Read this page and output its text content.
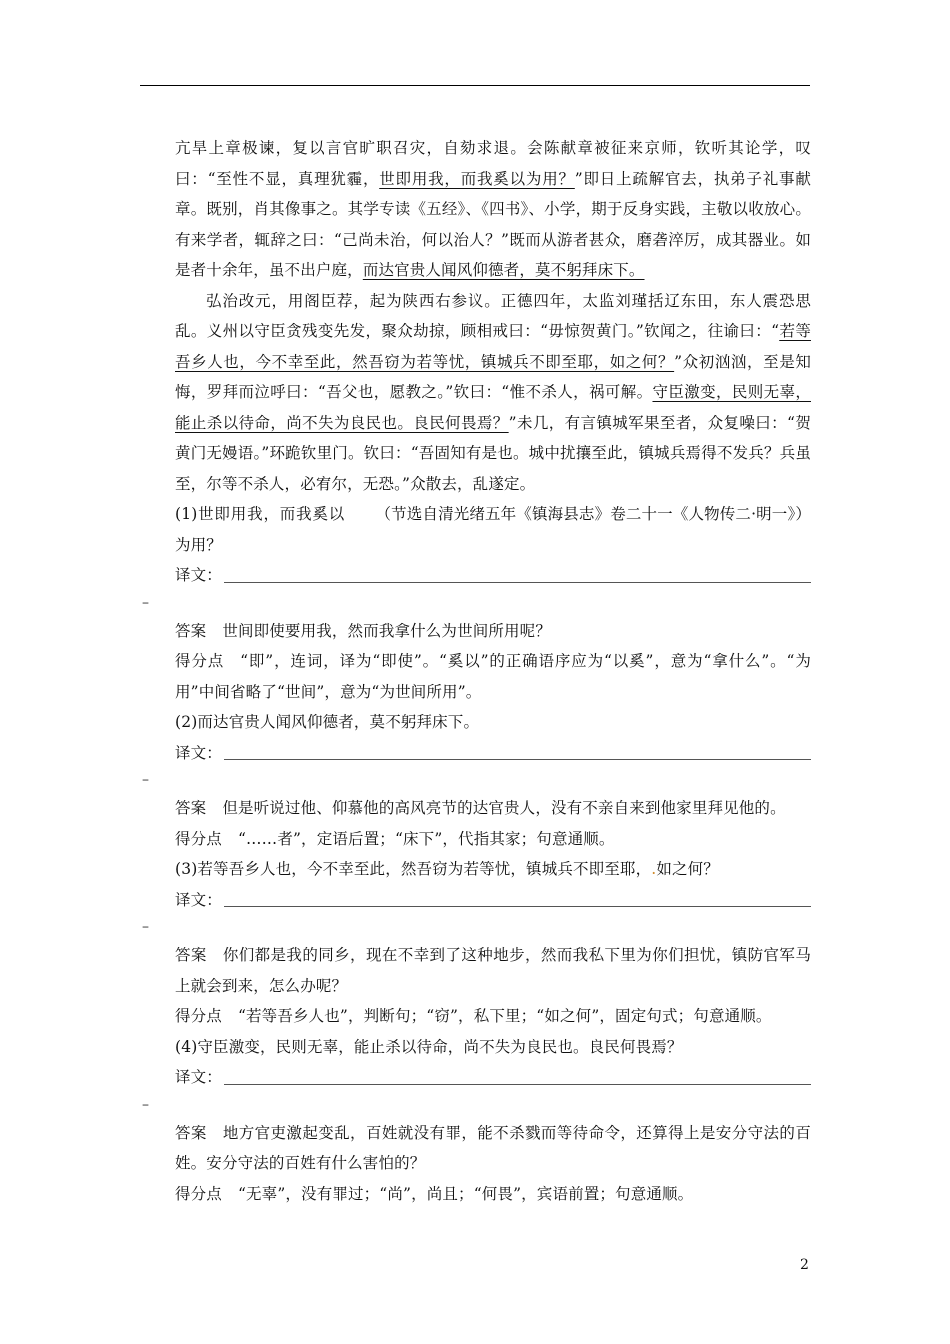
亢旱上章极谏，复以言官旷职召灾，自劾求退。会陈献章被征来京师，钦听其论学，叹曰：“至性不显，真理犹霾，世即用我，而我奚以为用？”即日上疏解官去，执弟子礼事献章。既别，肖其像事之。其学专读《五经》、《四书》、小学，期于反身实践，主敬以收放心。有来学者，辄辞之曰：“己尚未治，何以治人？”既而从游者甚众，磨砻淬厉，成其器业。如是者十余年，虽不出户庭，而达官贵人闻风仰德者，莫不躬拜床下。

弘治改元，用阁臣荐，起为陕西右参议。正德四年，太监刘瑾括辽东田，东人震恐思乱。义州以守臣贪残变先发，聚众劫掠，顾相戒曰：“毋惊贺黄门。”钦闻之，往谕曰：“若等吾乡人也，今不幸至此，然吾窃为若等忧，镇城兵不即至耶，如之何？”众初汹汹，至是知悔，罗拜而泣呼曰：“吾父也，愿教之。”钦曰：“惟不杀人，祸可解。守臣激变，民则无辜，能止杀以待命，尚不失为良民也。良民何畏焉？”未几，有言镇城军果至者，众复噪曰：“贺黄门无嫚语。”环跪钦里门。钦曰：“吾固知有是也。城中扰攘至此，镇城兵焉得不发兵？兵虽至，尔等不杀人，必宥尔，无恐。”众散去，乱遂定。
（节选自清光绪五年《镇海县志》卷二十一《人物传二·明一》）

(1)世即用我，而我奚以为用？

译文：
–

答案 世间即使要用我，然而我拿什么为世间所用呢？

得分点 “即”，连词，译为“即使”。“奚以”的正确语序应为“以奚”，意为“拿什么”。“为用”中间省略了“世间”，意为“为世间所用”。

(2)而达官贵人闻风仰德者，莫不躬拜床下。

译文：
–

答案 但是听说过他、仰慕他的高风亮节的达官贵人，没有不亲自来到他家里拜见他的。

得分点 “……者”，定语后置；“床下”，代指其家；句意通顺。

(3)若等吾乡人也，今不幸至此，然吾窃为若等忧，镇城兵不即至耶，.如之何？

译文：
–

答案 你们都是我的同乡，现在不幸到了这种地步，然而我私下里为你们担忧，镇防官军马上就会到来，怎么办呢？

得分点 “若等吾乡人也”，判断句；“窃”，私下里；“如之何”，固定句式；句意通顺。

(4)守臣激变，民则无辜，能止杀以待命，尚不失为良民也。良民何畏焉？

译文：
–

答案 地方官吏激起变乱，百姓就没有罪，能不杀戮而等待命令，还算得上是安分守法的百姓。安分守法的百姓有什么害怕的？

得分点 “无辜”，没有罪过；“尚”，尚且；“何畏”，宾语前置；句意通顺。

2
